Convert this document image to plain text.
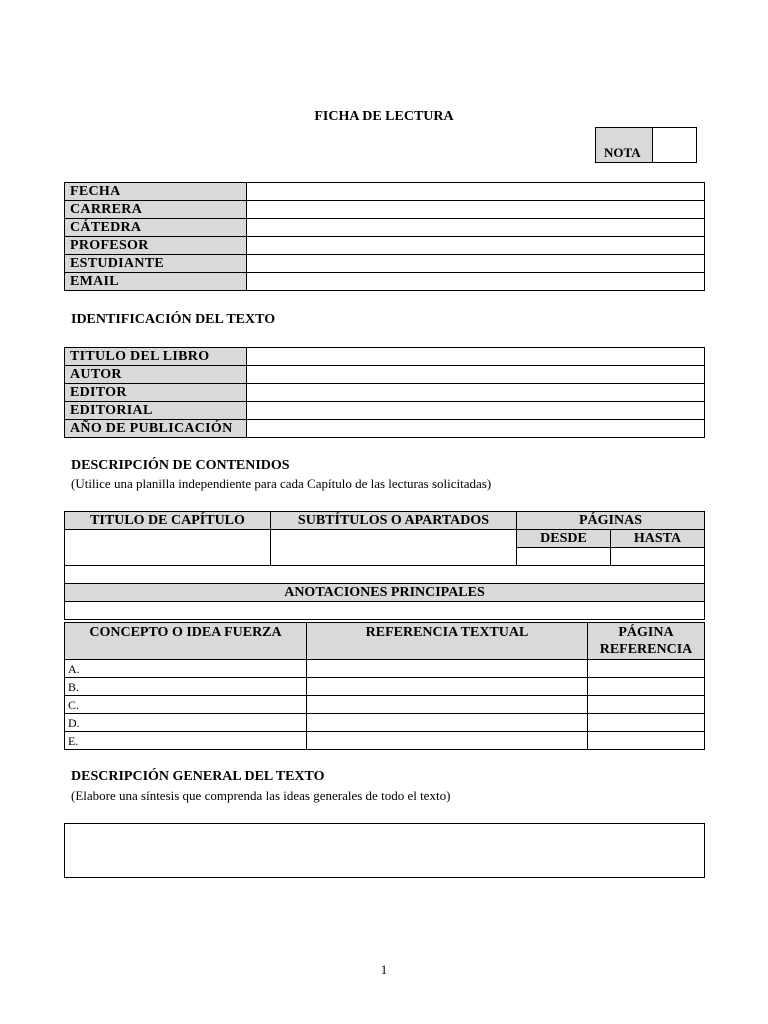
FICHA DE LECTURA
NOTA
FECHA	
CARRERA	
CÁTEDRA	
PROFESOR	
ESTUDIANTE	
EMAIL	
IDENTIFICACIÓN DEL TEXTO
TITULO DEL LIBRO	
AUTOR	
EDITOR	
EDITORIAL	
AÑO DE PUBLICACIÓN	
DESCRIPCIÓN DE CONTENIDOS
(Utilice una planilla independiente para cada Capítulo de las lecturas solicitadas)
TITULO DE CAPÍTULO	SUBTÍTULOS O APARTADOS	PÁGINAS	
		DESDE	HASTA

ANOTACIONES PRINCIPALES			

CONCEPTO O IDEA FUERZA	REFERENCIA TEXTUAL	PÁGINA
REFERENCIA

A.		
B.		
C.		
D.		
E.		
DESCRIPCIÓN GENERAL DEL TEXTO
(Elabore una síntesis que comprenda las ideas generales de todo el texto)
1
